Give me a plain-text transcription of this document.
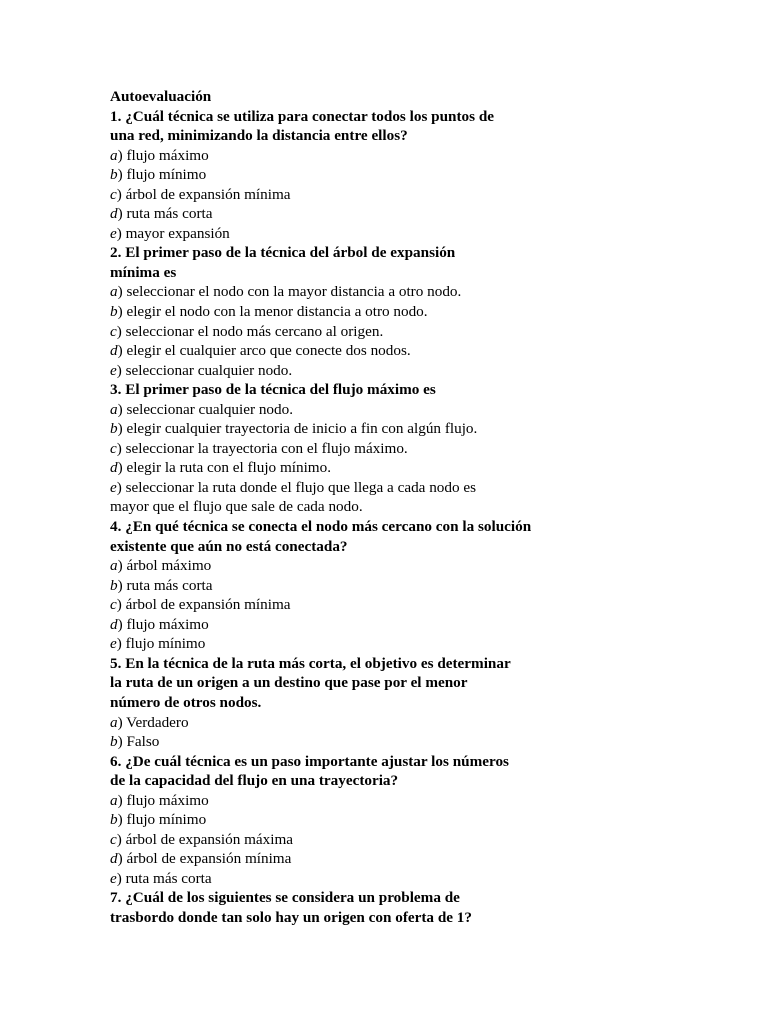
Autoevaluación
1. ¿Cuál técnica se utiliza para conectar todos los puntos de
una red, minimizando la distancia entre ellos?
a) flujo máximo
b) flujo mínimo
c) árbol de expansión mínima
d) ruta más corta
e) mayor expansión
2. El primer paso de la técnica del árbol de expansión
mínima es
a) seleccionar el nodo con la mayor distancia a otro nodo.
b) elegir el nodo con la menor distancia a otro nodo.
c) seleccionar el nodo más cercano al origen.
d) elegir el cualquier arco que conecte dos nodos.
e) seleccionar cualquier nodo.
3. El primer paso de la técnica del flujo máximo es
a) seleccionar cualquier nodo.
b) elegir cualquier trayectoria de inicio a fin con algún flujo.
c) seleccionar la trayectoria con el flujo máximo.
d) elegir la ruta con el flujo mínimo.
e) seleccionar la ruta donde el flujo que llega a cada nodo es
mayor que el flujo que sale de cada nodo.
4. ¿En qué técnica se conecta el nodo más cercano con la solución
existente que aún no está conectada?
a) árbol máximo
b) ruta más corta
c) árbol de expansión mínima
d) flujo máximo
e) flujo mínimo
5. En la técnica de la ruta más corta, el objetivo es determinar
la ruta de un origen a un destino que pase por el menor
número de otros nodos.
a) Verdadero
b) Falso
6. ¿De cuál técnica es un paso importante ajustar los números
de la capacidad del flujo en una trayectoria?
a) flujo máximo
b) flujo mínimo
c) árbol de expansión máxima
d) árbol de expansión mínima
e) ruta más corta
7. ¿Cuál de los siguientes se considera un problema de
trasbordo donde tan solo hay un origen con oferta de 1?
